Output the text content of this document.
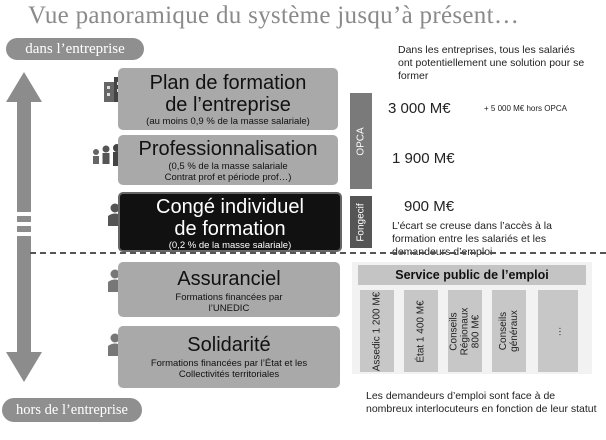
Vue panoramique du système jusqu’à présent…
dans l’entreprise
hors de l’entreprise
Plan de formation de l’entreprise
(au moins 0,9 % de la masse salariale)
Professionnalisation
(0,5 % de la masse salariale Contrat prof et période prof…)
Congé individuel de formation
(0,2 % de la masse salariale)
Assuranciel
Formations financées par l’UNEDIC
Solidarité
Formations financées par l’État et les Collectivités territoriales
OPCA
Fongecif
Dans les entreprises, tous les salariés ont potentiellement une solution pour se former
3 000 M€	+ 5 000 M€ hors OPCA
1 900 M€
900 M€
L’écart se creuse dans l’accès à la formation entre les salariés et les demandeurs d’emploi
Service public de l’emploi
Assedic 1 200 M€	État 1 400 M€ Conseils Régionaux 800 M€ Conseils généraux	…
Les demandeurs d’emploi sont face à de nombreux interlocuteurs en fonction de leur statut
